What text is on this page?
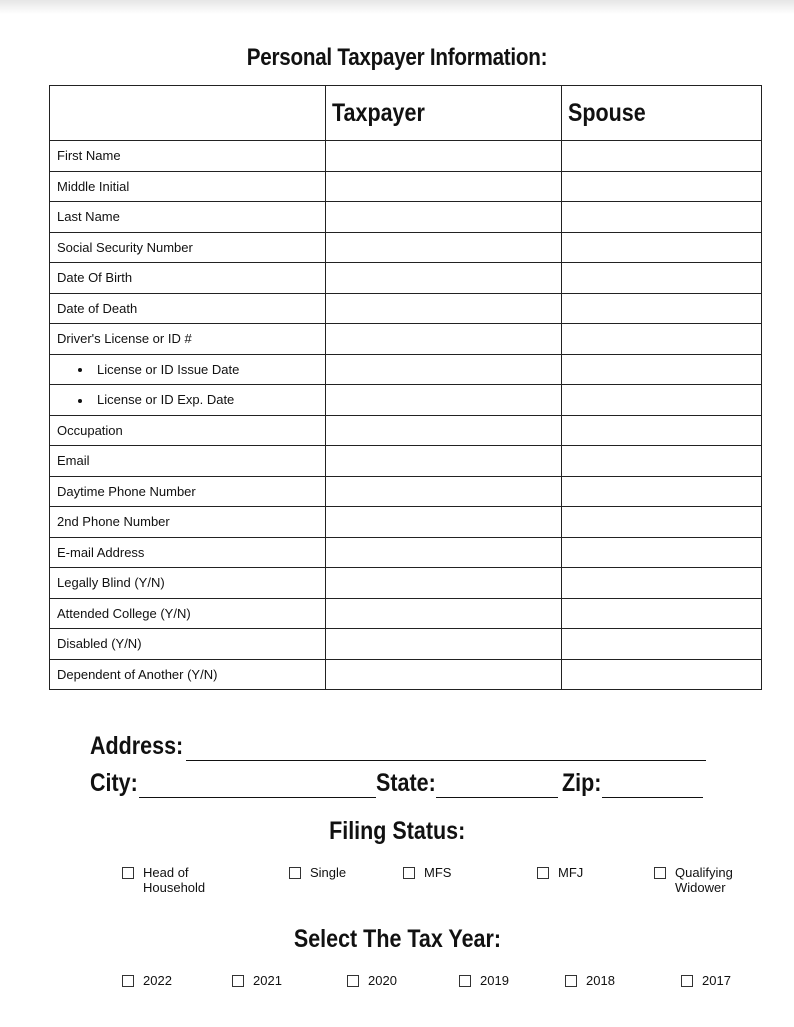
Personal Taxpayer Information:
	Taxpayer	Spouse
First Name		
Middle Initial		
Last Name		
Social Security Number		
Date Of Birth		
Date of Death		
Driver's License or ID #		
License or ID Issue Date		
License or ID Exp. Date		
Occupation		
Email		
Daytime Phone Number		
2nd Phone Number		
E-mail Address		
Legally Blind (Y/N)		
Attended College (Y/N)		
Disabled (Y/N)		
Dependent of Another (Y/N)		
Address:
City:	State:	Zip:
Filing Status:
Head of
Household
Single	MFS	MFJ	Qualifying
Widower
Select The Tax Year:
2022	2021	2020	2019	2018	2017
